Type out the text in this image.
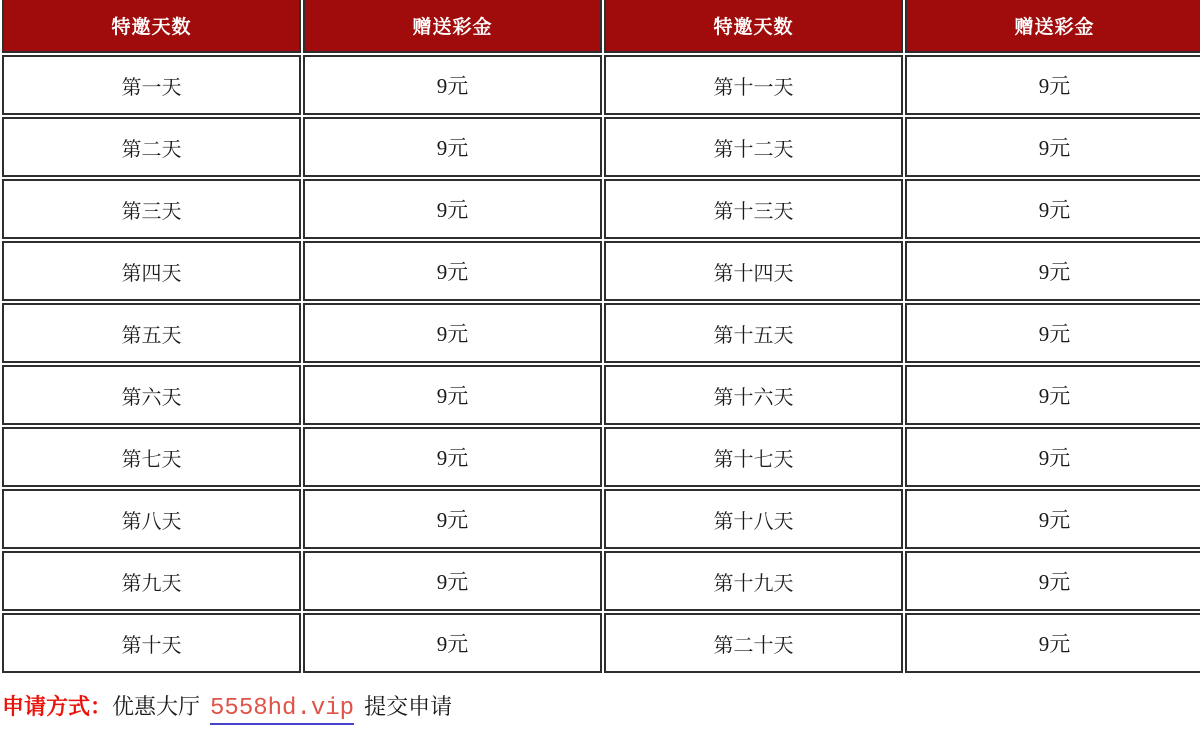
特邀天数	赠送彩金	特邀天数	赠送彩金
第一天	9元	第十一天	9元
第二天	9元	第十二天	9元
第三天	9元	第十三天	9元
第四天	9元	第十四天	9元
第五天	9元	第十五天	9元
第六天	9元	第十六天	9元
第七天	9元	第十七天	9元
第八天	9元	第十八天	9元
第九天	9元	第十九天	9元
第十天	9元	第二十天	9元
申请方式：优惠大厅 5558hd.vip 提交申请
